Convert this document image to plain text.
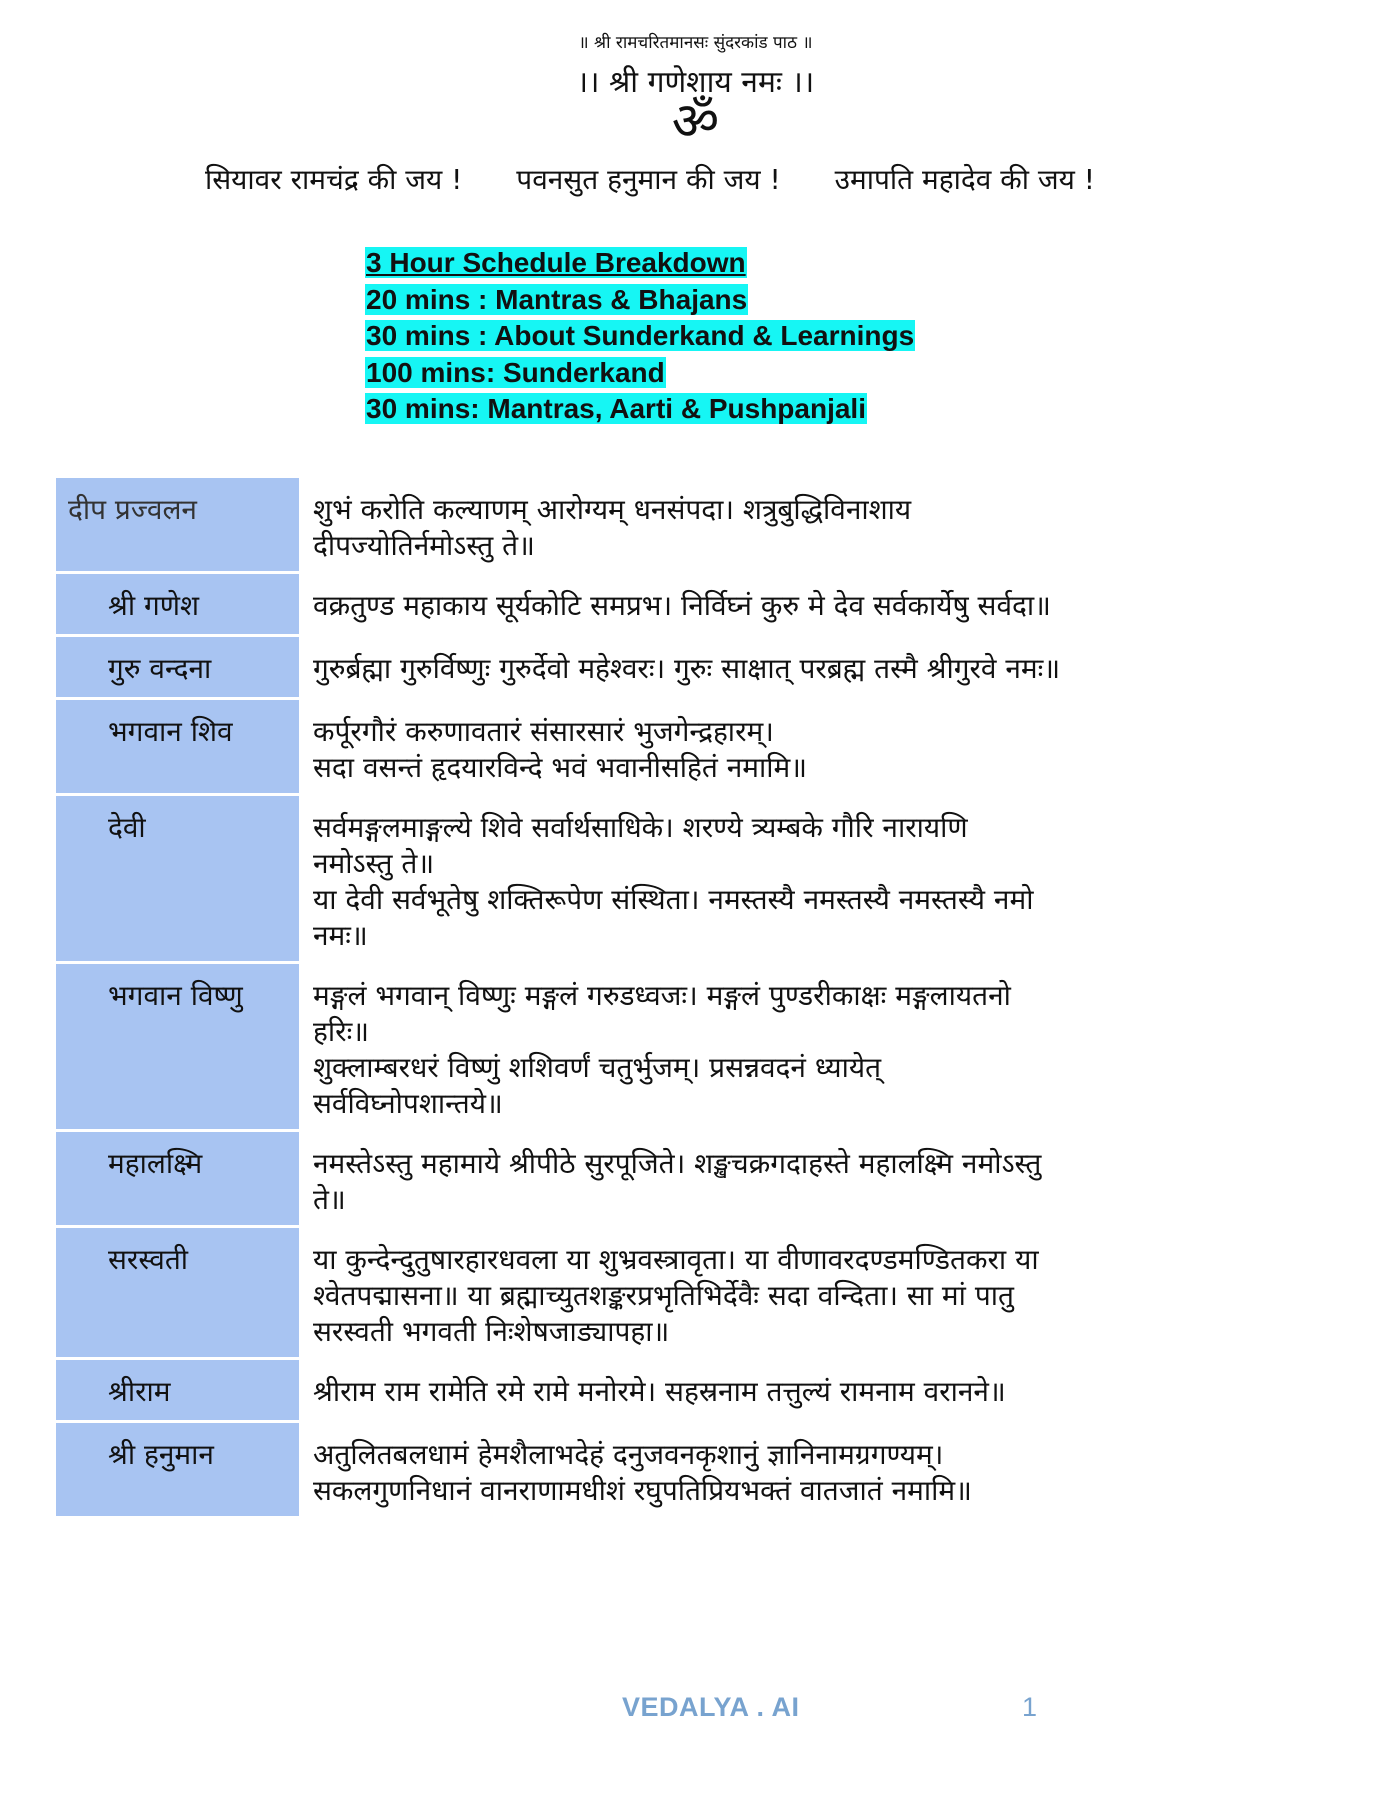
॥ श्री रामचरितमानसः सुंदरकांड पाठ ॥
।। श्री गणेशाय नमः ।।
ॐ
सियावर रामचंद्र की जय ! पवनसुत हनुमान की जय ! उमापति महादेव की जय !
3 Hour Schedule Breakdown
20 mins : Mantras & Bhajans
30 mins : About Sunderkand & Learnings
100 mins: Sunderkand
30 mins: Mantras, Aarti & Pushpanjali
दीप प्रज्वलन	शुभं करोति कल्याणम् आरोग्यम् धनसंपदा। शत्रुबुद्धिविनाशाय
दीपज्योतिर्नमोऽस्तु ते॥

श्री गणेश	वक्रतुण्ड महाकाय सूर्यकोटि समप्रभ। निर्विघ्नं कुरु मे देव सर्वकार्येषु सर्वदा॥

गुरु वन्दना	गुरुर्ब्रह्मा गुरुर्विष्णुः गुरुर्देवो महेश्वरः। गुरुः साक्षात् परब्रह्म तस्मै श्रीगुरवे नमः॥

भगवान शिव	कर्पूरगौरं करुणावतारं संसारसारं भुजगेन्द्रहारम्।
सदा वसन्तं हृदयारविन्दे भवं भवानीसहितं नमामि॥

देवी	सर्वमङ्गलमाङ्गल्ये शिवे सर्वार्थसाधिके। शरण्ये त्र्यम्बके गौरि नारायणि
नमोऽस्तु ते॥
या देवी सर्वभूतेषु शक्तिरूपेण संस्थिता। नमस्तस्यै नमस्तस्यै नमस्तस्यै नमो
नमः॥

भगवान विष्णु	मङ्गलं भगवान् विष्णुः मङ्गलं गरुडध्वजः। मङ्गलं पुण्डरीकाक्षः मङ्गलायतनो
हरिः॥
शुक्लाम्बरधरं विष्णुं शशिवर्णं चतुर्भुजम्। प्रसन्नवदनं ध्यायेत्
सर्वविघ्नोपशान्तये॥

महालक्ष्मि	नमस्तेऽस्तु महामाये श्रीपीठे सुरपूजिते। शङ्खचक्रगदाहस्ते महालक्ष्मि नमोऽस्तु
ते॥

सरस्वती	या कुन्देन्दुतुषारहारधवला या शुभ्रवस्त्रावृता। या वीणावरदण्डमण्डितकरा या
श्वेतपद्मासना॥ या ब्रह्माच्युतशङ्करप्रभृतिभिर्देवैः सदा वन्दिता। सा मां पातु
सरस्वती भगवती निःशेषजाड्यापहा॥

श्रीराम	श्रीराम राम रामेति रमे रामे मनोरमे। सहस्रनाम तत्तुल्यं रामनाम वरानने॥

श्री हनुमान	अतुलितबलधामं हेमशैलाभदेहं दनुजवनकृशानुं ज्ञानिनामग्रगण्यम्।
सकलगुणनिधानं वानराणामधीशं रघुपतिप्रियभक्तं वातजातं नमामि॥
VEDALYA . AI	1
